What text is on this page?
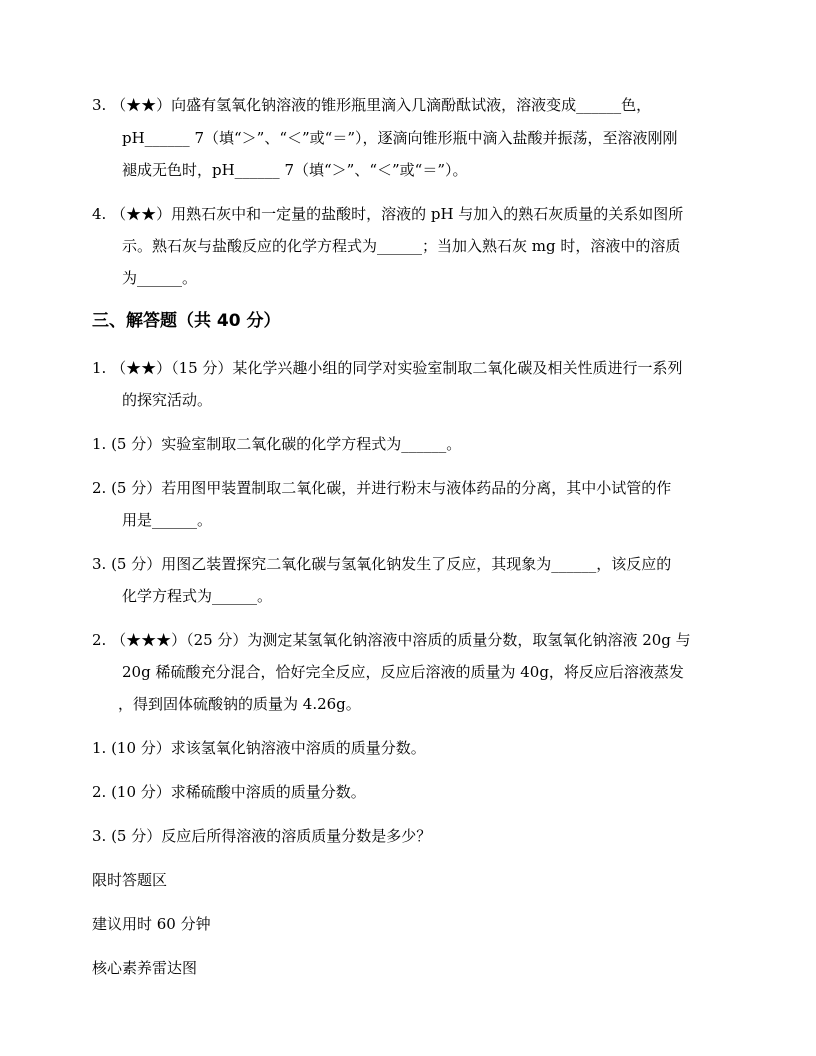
3. （★★）向盛有氢氧化钠溶液的锥形瓶里滴入几滴酚酞试液，溶液变成______色，
pH______ 7（填“＞”、“＜”或“＝”），逐滴向锥形瓶中滴入盐酸并振荡，至溶液刚刚
褪成无色时，pH______ 7（填“＞”、“＜”或“＝”）。
4. （★★）用熟石灰中和一定量的盐酸时，溶液的 pH 与加入的熟石灰质量的关系如图所
示。熟石灰与盐酸反应的化学方程式为______；当加入熟石灰 mg 时，溶液中的溶质
为______。
三、解答题（共 40 分）
1. （★★）（15 分）某化学兴趣小组的同学对实验室制取二氧化碳及相关性质进行一系列
的探究活动。
1. (5 分）实验室制取二氧化碳的化学方程式为______。
2. (5 分）若用图甲装置制取二氧化碳，并进行粉末与液体药品的分离，其中小试管的作
用是______。
3. (5 分）用图乙装置探究二氧化碳与氢氧化钠发生了反应，其现象为______，该反应的
化学方程式为______。
2. （★★★）（25 分）为测定某氢氧化钠溶液中溶质的质量分数，取氢氧化钠溶液 20g 与
20g 稀硫酸充分混合，恰好完全反应，反应后溶液的质量为 40g，将反应后溶液蒸发
，得到固体硫酸钠的质量为 4.26g。
1. (10 分）求该氢氧化钠溶液中溶质的质量分数。
2. (10 分）求稀硫酸中溶质的质量分数。
3. (5 分）反应后所得溶液的溶质质量分数是多少？
限时答题区
建议用时 60 分钟
核心素养雷达图
